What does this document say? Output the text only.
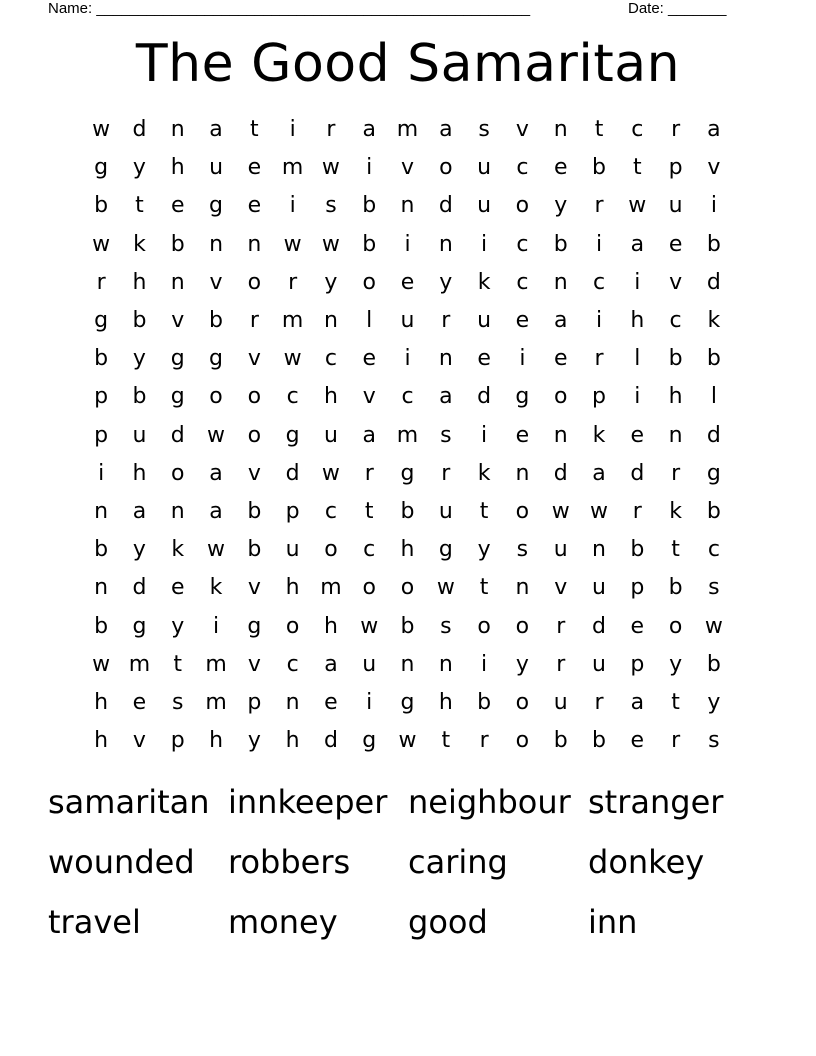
Name: ____________________________________________________	Date: _______
The Good Samaritan
w	d	n	a	t	i	r	a m a	s	v	n	t	c	r	a
g	y	h	u	e m w	i	v	o	u	c	e	b	t	p	v
b	t	e	g	e	i	s	b	n	d	u	o	y	r	w	u	i
w	k	b	n	n	w w	b	i	n	i	c	b	i	a	e	b
r	h	n	v	o	r	y	o	e	y	k	c	n	c	i	v	d
g	b	v	b	r	m n	l	u	r	u	e	a	i	h	c	k
b	y	g	g	v	w	c	e	i	n	e	i	e	r	l	b	b
p	b	g	o	o	c	h	v	c	a	d	g	o	p	i	h	l
p	u	d	w	o	g	u	a m s	i	e	n	k	e	n	d
i	h	o	a	v	d	w	r	g	r	k	n	d	a	d	r	g
n	a	n	a	b	p	c	t	b	u	t	o	w w	r	k	b
b	y	k	w	b	u	o	c	h	g	y	s	u	n	b	t	c
n	d	e	k	v	h m o	o	w	t	n	v	u	p	b	s
b	g	y	i	g	o	h	w	b	s	o	o	r	d	e	o	w
w m	t	m v	c	a	u	n	n	i	y	r	u	p	y	b
h	e	s m p	n	e	i	g	h	b	o	u	r	a	t	y
h	v	p	h	y	h	d	g	w	t	r	o	b	b	e	r	s
samaritan innkeeper neighbour stranger
wounded	robbers	caring	donkey
travel	money	good	inn
